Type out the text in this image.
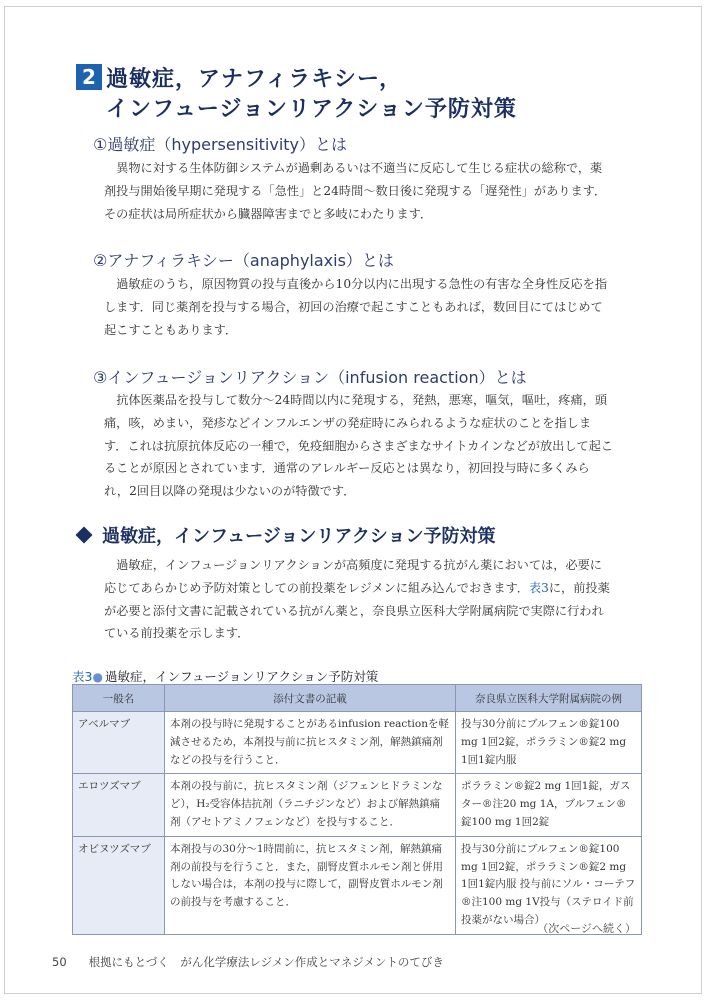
2 過敏症，アナフィラキシー，
インフュージョンリアクション予防対策
①過敏症（hypersensitivity）とは
異物に対する生体防御システムが過剰あるいは不適当に反応して生じる症状の総称で，薬剤投与開始後早期に発現する「急性」と24時間～数日後に発現する「遅発性」があります．その症状は局所症状から臓器障害までと多岐にわたります．
②アナフィラキシー（anaphylaxis）とは
過敏症のうち，原因物質の投与直後から10分以内に出現する急性の有害な全身性反応を指します．同じ薬剤を投与する場合，初回の治療で起こすこともあれば，数回目にてはじめて起こすこともあります．
③インフュージョンリアクション（infusion reaction）とは
抗体医薬品を投与して数分～24時間以内に発現する，発熱，悪寒，嘔気，嘔吐，疼痛，頭痛，咳，めまい，発疹などインフルエンザの発症時にみられるような症状のことを指します．これは抗原抗体反応の一種で，免疫細胞からさまざまなサイトカインなどが放出して起こることが原因とされています．通常のアレルギー反応とは異なり，初回投与時に多くみられ，2回目以降の発現は少ないのが特徴です．
過敏症，インフュージョンリアクション予防対策
過敏症，インフュージョンリアクションが高頻度に発現する抗がん薬においては，必要に応じてあらかじめ予防対策としての前投薬をレジメンに組み込んでおきます．表3に，前投薬が必要と添付文書に記載されている抗がん薬と，奈良県立医科大学附属病院で実際に行われている前投薬を示します．
表3● 過敏症，インフュージョンリアクション予防対策
一般名	添付文書の記載	奈良県立医科大学附属病院の例
アベルマブ	本剤の投与時に発現することがあるinfusion reactionを軽減させるため，本剤投与前に抗ヒスタミン剤，解熱鎮痛剤などの投与を行うこと．	投与30分前にブルフェン®錠100 mg 1回2錠，ポララミン®錠2 mg 1回1錠内服
エロツズマブ	本剤の投与前に，抗ヒスタミン剤（ジフェンヒドラミンなど），H₂受容体拮抗剤（ラニチジンなど）および解熱鎮痛剤（アセトアミノフェンなど）を投与すること．	ポララミン®錠2 mg 1回1錠，ガスター®注20 mg 1A，ブルフェン®錠100 mg 1回2錠
オビヌツズマブ	本剤投与の30分～1時間前に，抗ヒスタミン剤，解熱鎮痛剤の前投与を行うこと．また，副腎皮質ホルモン剤と併用しない場合は，本剤の投与に際して，副腎皮質ホルモン剤の前投与を考慮すること．	投与30分前にブルフェン®錠100 mg 1回2錠，ポララミン®錠2 mg 1回1錠内服 投与前にソル・コーテフ®注100 mg 1V投与（ステロイド前投薬がない場合）
（次ページへ続く）
50 根拠にもとづく　がん化学療法レジメン作成とマネジメントのてびき
